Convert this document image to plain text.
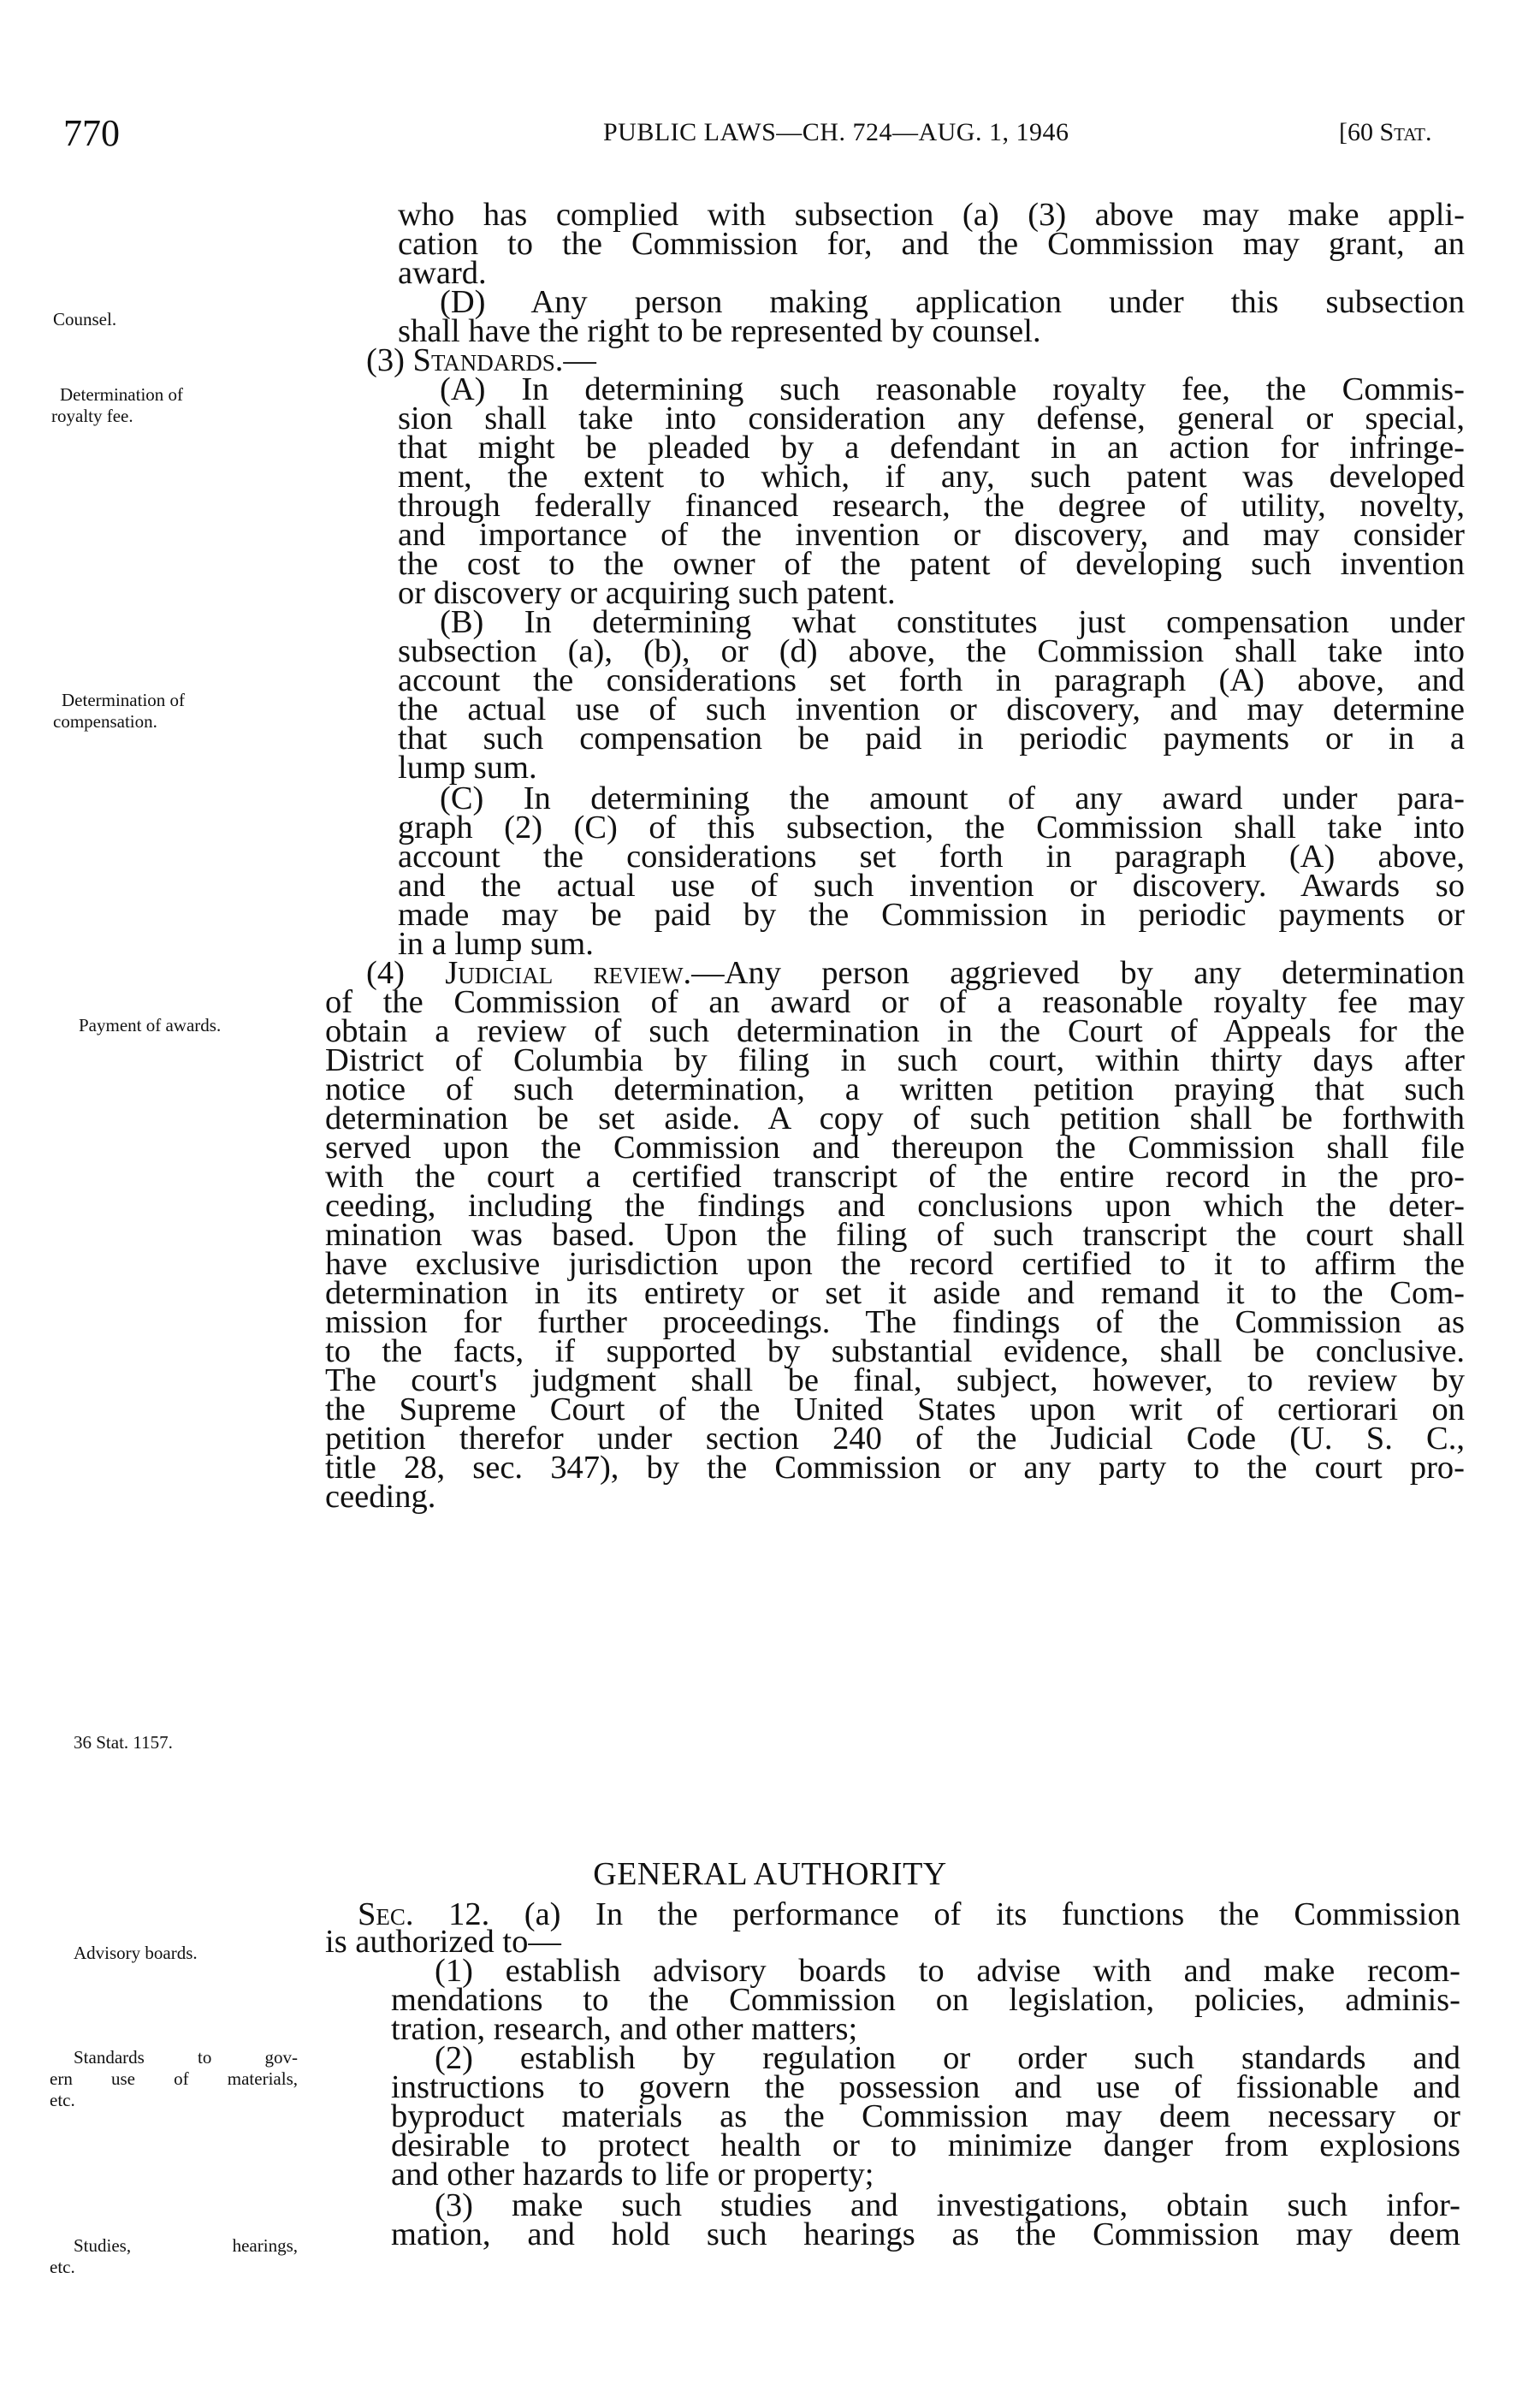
770	PUBLIC LAWS—CH. 724—AUG. 1, 1946	[60 Stat.
Counsel.
Determination of
royalty fee.
Determination of
compensation.
Payment of awards.
36 Stat. 1157.
Advisory boards.
Standards to gov-
ern use of materials,
etc.
Studies, hearings,
etc.
who has complied with subsection (a) (3) above may make appli-
cation to the Commission for, and the Commission may grant, an
award.
(D) Any person making application under this subsection
shall have the right to be represented by counsel.
(3) Standards.—
(A) In determining such reasonable royalty fee, the Commis-
sion shall take into consideration any defense, general or special,
that might be pleaded by a defendant in an action for infringe-
ment, the extent to which, if any, such patent was developed
through federally financed research, the degree of utility, novelty,
and importance of the invention or discovery, and may consider
the cost to the owner of the patent of developing such invention
or discovery or acquiring such patent.
(B) In determining what constitutes just compensation under
subsection (a), (b), or (d) above, the Commission shall take into
account the considerations set forth in paragraph (A) above, and
the actual use of such invention or discovery, and may determine
that such compensation be paid in periodic payments or in a
lump sum.
(C) In determining the amount of any award under para-
graph (2) (C) of this subsection, the Commission shall take into
account the considerations set forth in paragraph (A) above,
and the actual use of such invention or discovery. Awards so
made may be paid by the Commission in periodic payments or
in a lump sum.
(4) Judicial review.—Any person aggrieved by any determination
of the Commission of an award or of a reasonable royalty fee may
obtain a review of such determination in the Court of Appeals for the
District of Columbia by filing in such court, within thirty days after
notice of such determination, a written petition praying that such
determination be set aside. A copy of such petition shall be forthwith
served upon the Commission and thereupon the Commission shall file
with the court a certified transcript of the entire record in the pro-
ceeding, including the findings and conclusions upon which the deter-
mination was based. Upon the filing of such transcript the court shall
have exclusive jurisdiction upon the record certified to it to affirm the
determination in its entirety or set it aside and remand it to the Com-
mission for further proceedings. The findings of the Commission as
to the facts, if supported by substantial evidence, shall be conclusive.
The court's judgment shall be final, subject, however, to review by
the Supreme Court of the United States upon writ of certiorari on
petition therefor under section 240 of the Judicial Code (U. S. C.,
title 28, sec. 347), by the Commission or any party to the court pro-
ceeding.
Sec. 12. (a) In the performance of its functions the Commission
is authorized to—
(1) establish advisory boards to advise with and make recom-
mendations to the Commission on legislation, policies, adminis-
tration, research, and other matters;
(2) establish by regulation or order such standards and
instructions to govern the possession and use of fissionable and
byproduct materials as the Commission may deem necessary or
desirable to protect health or to minimize danger from explosions
and other hazards to life or property;
(3) make such studies and investigations, obtain such infor-
mation, and hold such hearings as the Commission may deem
GENERAL AUTHORITY
